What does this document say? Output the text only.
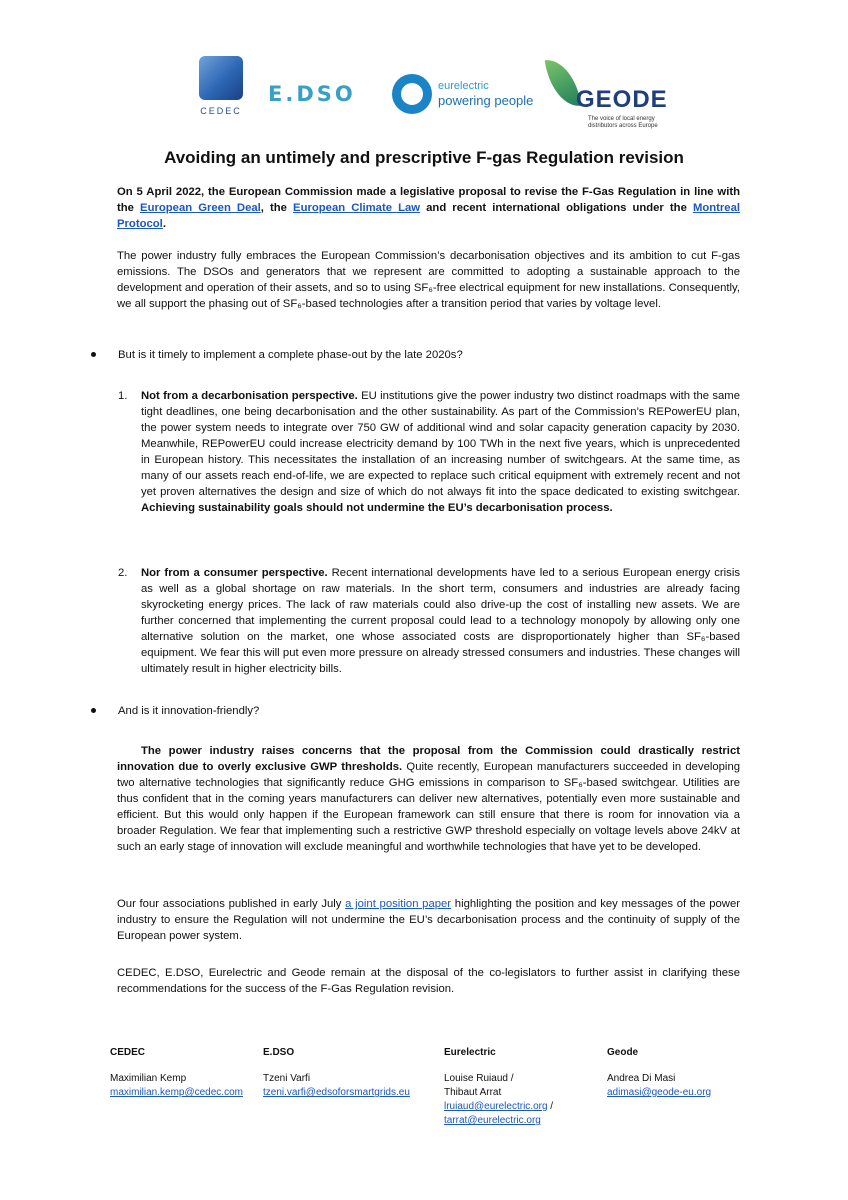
CEDEC
E.DSO	eurelectric
powering people GEODE
The voice of local energy distributors across Europe
Avoiding an untimely and prescriptive F-gas Regulation revision

On 5 April 2022, the European Commission made a legislative proposal to revise the F-Gas Regulation in line with the European Green Deal, the European Climate Law and recent international obligations under the Montreal Protocol.

The power industry fully embraces the European Commission’s decarbonisation objectives and its ambition to cut F-gas emissions. The DSOs and generators that we represent are committed to adopting a sustainable approach to the development and operation of their assets, and so to using SF₆-free electrical equipment for new installations. Consequently, we all support the phasing out of SF₆-based technologies after a transition period that varies by voltage level.

But is it timely to implement a complete phase-out by the late 2020s?
1. Not from a decarbonisation perspective. EU institutions give the power industry two distinct roadmaps with the same tight deadlines, one being decarbonisation and the other sustainability. As part of the Commission’s REPowerEU plan, the power system needs to integrate over 750 GW of additional wind and solar capacity generation capacity by 2030. Meanwhile, REPowerEU could increase electricity demand by 100 TWh in the next five years, which is unprecedented in European history. This necessitates the installation of an increasing number of switchgears. At the same time, as many of our assets reach end-of-life, we are expected to replace such critical equipment with extremely recent and not yet proven alternatives the design and size of which do not always fit into the space dedicated to existing switchgear. Achieving sustainability goals should not undermine the EU’s decarbonisation process.

2. Nor from a consumer perspective. Recent international developments have led to a serious European energy crisis as well as a global shortage on raw materials. In the short term, consumers and industries are already facing skyrocketing energy prices. The lack of raw materials could also drive-up the cost of installing new assets. We are further concerned that implementing the current proposal could lead to a technology monopoly by allowing only one alternative solution on the market, one whose associated costs are disproportionately higher than SF₆-based equipment. We fear this will put even more pressure on already stressed consumers and industries. These changes will ultimately result in higher electricity bills.

And is it innovation-friendly?

The power industry raises concerns that the proposal from the Commission could drastically restrict innovation due to overly exclusive GWP thresholds. Quite recently, European manufacturers succeeded in developing two alternative technologies that significantly reduce GHG emissions in comparison to SF₆-based switchgear. Utilities are thus confident that in the coming years manufacturers can deliver new alternatives, potentially even more sustainable and efficient. But this would only happen if the European framework can still ensure that there is room for innovation via a broader Regulation. We fear that implementing such a restrictive GWP threshold especially on voltage levels above 24kV at such an early stage of innovation will exclude meaningful and worthwhile technologies that have yet to be developed.

Our four associations published in early July a joint position paper highlighting the position and key messages of the power industry to ensure the Regulation will not undermine the EU’s decarbonisation process and the continuity of supply of the European power system.

CEDEC, E.DSO, Eurelectric and Geode remain at the disposal of the co-legislators to further assist in clarifying these recommendations for the success of the F-Gas Regulation revision.

CEDEC
Maximilian Kemp
maximilian.kemp@cedec.com
E.DSO
Tzeni Varfi
tzeni.varfi@edsoforsmartgrids.eu
Eurelectric
Louise Ruiaud /
Thibaut Arrat
lruiaud@eurelectric.org /
tarrat@eurelectric.org
Geode
Andrea Di Masi
adimasi@geode-eu.org
